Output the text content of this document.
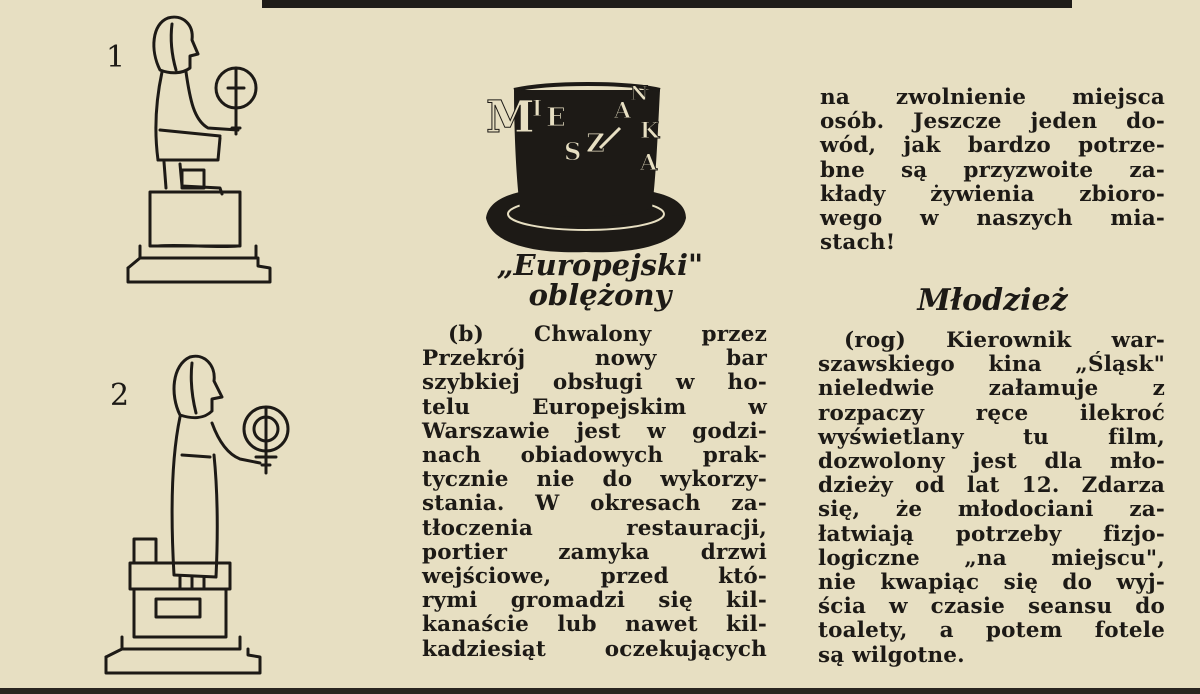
1
2
M
I E
S Z
A
N
K
A
„Europejski"
oblężony

(b) Chwalony przez

Przekrój nowy bar

szybkiej obsługi w ho-

telu Europejskim w

Warszawie jest w godzi-

nach obiadowych prak-

tycznie nie do wykorzy-

stania. W okresach za-

tłoczenia restauracji,

portier zamyka drzwi

wejściowe, przed któ-

rymi gromadzi się kil-

kanaście lub nawet kil-

kadziesiąt oczekujących

na zwolnienie miejsca

osób. Jeszcze jeden do-

wód, jak bardzo potrze-

bne są przyzwoite za-

kłady żywienia zbioro-

wego w naszych mia-

stach!

Młodzież

(rog) Kierownik war-

szawskiego kina „Śląsk"

nieledwie załamuje z

rozpaczy ręce ilekroć

wyświetlany tu film,

dozwolony jest dla mło-

dzieży od lat 12. Zdarza

się, że młodociani za-

łatwiają potrzeby fizjo-

logiczne „na miejscu",

nie kwapiąc się do wyj-

ścia w czasie seansu do

toalety, a potem fotele

są wilgotne.
